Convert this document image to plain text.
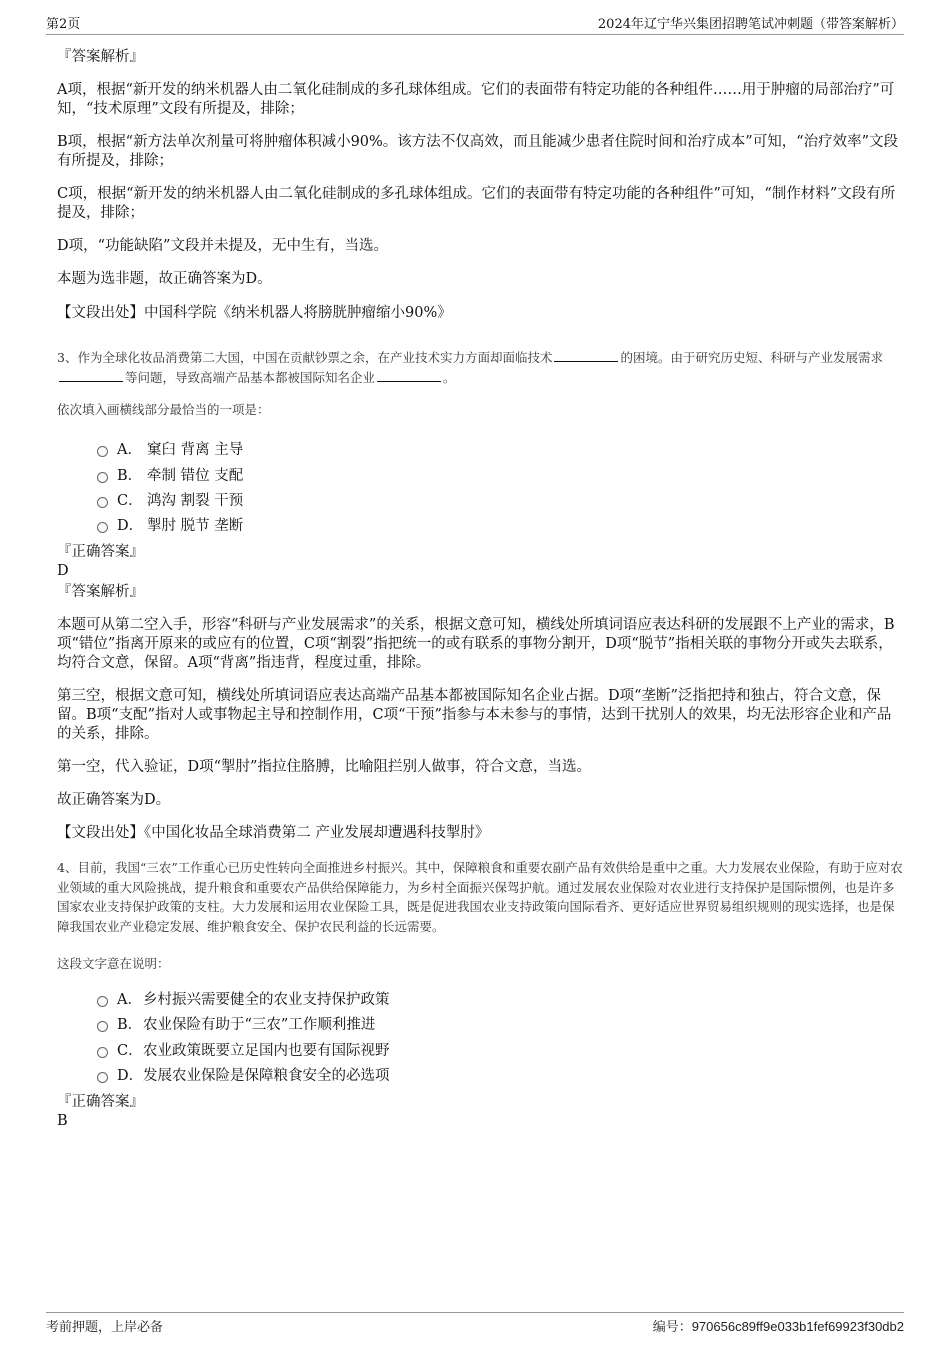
第2页	2024年辽宁华兴集团招聘笔试冲刺题（带答案解析）

『答案解析』

A项，根据“新开发的纳米机器人由二氧化硅制成的多孔球体组成。它们的表面带有特定功能的各种组件……用于肿瘤的局部治疗”可知，“技术原理”文段有所提及，排除；

B项，根据“新方法单次剂量可将肿瘤体积减小90%。该方法不仅高效，而且能减少患者住院时间和治疗成本”可知，“治疗效率”文段有所提及，排除；

C项，根据“新开发的纳米机器人由二氧化硅制成的多孔球体组成。它们的表面带有特定功能的各种组件”可知，“制作材料”文段有所提及，排除；

D项，“功能缺陷”文段并未提及，无中生有，当选。

本题为选非题，故正确答案为D。

【文段出处】中国科学院《纳米机器人将膀胱肿瘤缩小90%》

3、作为全球化妆品消费第二大国，中国在贡献钞票之余，在产业技术实力方面却面临技术	的困境。由于研究历史短、科研与产业发展需求等问题，导致高端产品基本都被国际知名企业	。

依次填入画横线部分最恰当的一项是：

A． 窠臼 背离 主导
B． 牵制 错位 支配
C． 鸿沟 割裂 干预
D． 掣肘 脱节 垄断

『正确答案』

D

『答案解析』

本题可从第二空入手，形容“科研与产业发展需求”的关系，根据文意可知，横线处所填词语应表达科研的发展跟不上产业的需求，B项“错位”指离开原来的或应有的位置，C项“割裂”指把统一的或有联系的事物分割开，D项“脱节”指相关联的事物分开或失去联系，均符合文意，保留。A项“背离”指违背，程度过重，排除。

第三空，根据文意可知，横线处所填词语应表达高端产品基本都被国际知名企业占据。D项“垄断”泛指把持和独占，符合文意，保留。B项“支配”指对人或事物起主导和控制作用，C项“干预”指参与本未参与的事情，达到干扰别人的效果，均无法形容企业和产品的关系，排除。

第一空，代入验证，D项“掣肘”指拉住胳膊，比喻阻拦别人做事，符合文意，当选。

故正确答案为D。

【文段出处】《中国化妆品全球消费第二 产业发展却遭遇科技掣肘》

4、目前，我国“三农”工作重心已历史性转向全面推进乡村振兴。其中，保障粮食和重要农副产品有效供给是重中之重。大力发展农业保险，有助于应对农业领域的重大风险挑战，提升粮食和重要农产品供给保障能力，为乡村全面振兴保驾护航。通过发展农业保险对农业进行支持保护是国际惯例，也是许多国家农业支持保护政策的支柱。大力发展和运用农业保险工具，既是促进我国农业支持政策向国际看齐、更好适应世界贸易组织规则的现实选择，也是保障我国农业产业稳定发展、维护粮食安全、保护农民利益的长远需要。

这段文字意在说明：

A． 乡村振兴需要健全的农业支持保护政策
B． 农业保险有助于“三农”工作顺利推进
C． 农业政策既要立足国内也要有国际视野
D． 发展农业保险是保障粮食安全的必选项

『正确答案』

B

考前押题，上岸必备	编号：970656c89ff9e033b1fef69923f30db2
